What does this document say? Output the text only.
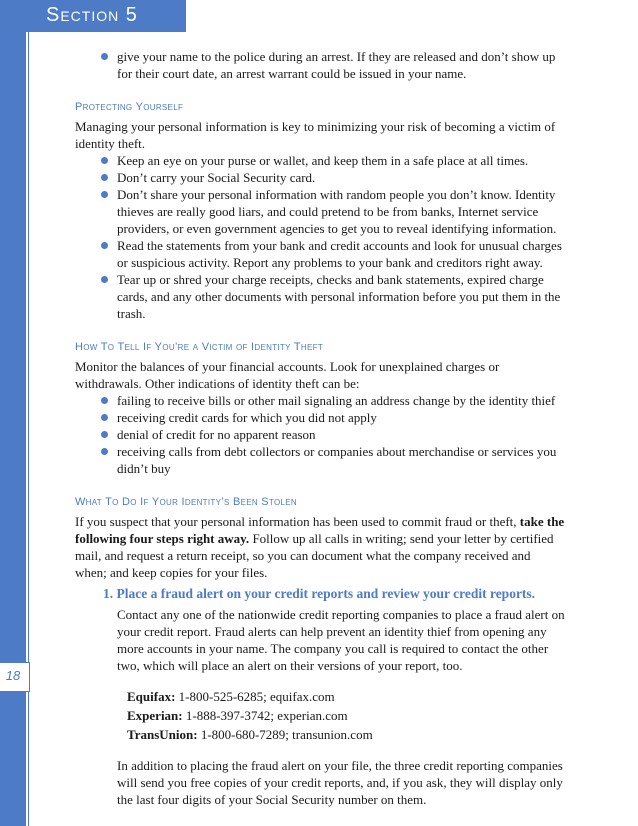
Section 5
18
give your name to the police during an arrest. If they are released and don’t show up for their court date, an arrest warrant could be issued in your name.
Protecting Yourself

Managing your personal information is key to minimizing your risk of becoming a victim of identity theft.

Keep an eye on your purse or wallet, and keep them in a safe place at all times.
Don’t carry your Social Security card.
Don’t share your personal information with random people you don’t know. Identity thieves are really good liars, and could pretend to be from banks, Internet service providers, or even government agencies to get you to reveal identifying information.
Read the statements from your bank and credit accounts and look for unusual charges or suspicious activity. Report any problems to your bank and creditors right away.
Tear up or shred your charge receipts, checks and bank statements, expired charge cards, and any other documents with personal information before you put them in the trash.
How To Tell If You’re a Victim of Identity Theft

Monitor the balances of your financial accounts. Look for unexplained charges or withdrawals. Other indications of identity theft can be:

failing to receive bills or other mail signaling an address change by the identity thief
receiving credit cards for which you did not apply
denial of credit for no apparent reason
receiving calls from debt collectors or companies about merchandise or services you didn’t buy
What To Do If Your Identity’s Been Stolen

If you suspect that your personal information has been used to commit fraud or theft, take the following four steps right away. Follow up all calls in writing; send your letter by certified mail, and request a return receipt, so you can document what the company received and when; and keep copies for your files.

1. Place a fraud alert on your credit reports and review your credit reports.

Contact any one of the nationwide credit reporting companies to place a fraud alert on your credit report. Fraud alerts can help prevent an identity thief from opening any more accounts in your name. The company you call is required to contact the other two, which will place an alert on their versions of your report, too.

Equifax: 1-800-525-6285; equifax.com
Experian: 1-888-397-3742; experian.com
TransUnion: 1-800-680-7289; transunion.com

In addition to placing the fraud alert on your file, the three credit reporting companies will send you free copies of your credit reports, and, if you ask, they will display only the last four digits of your Social Security number on them.
